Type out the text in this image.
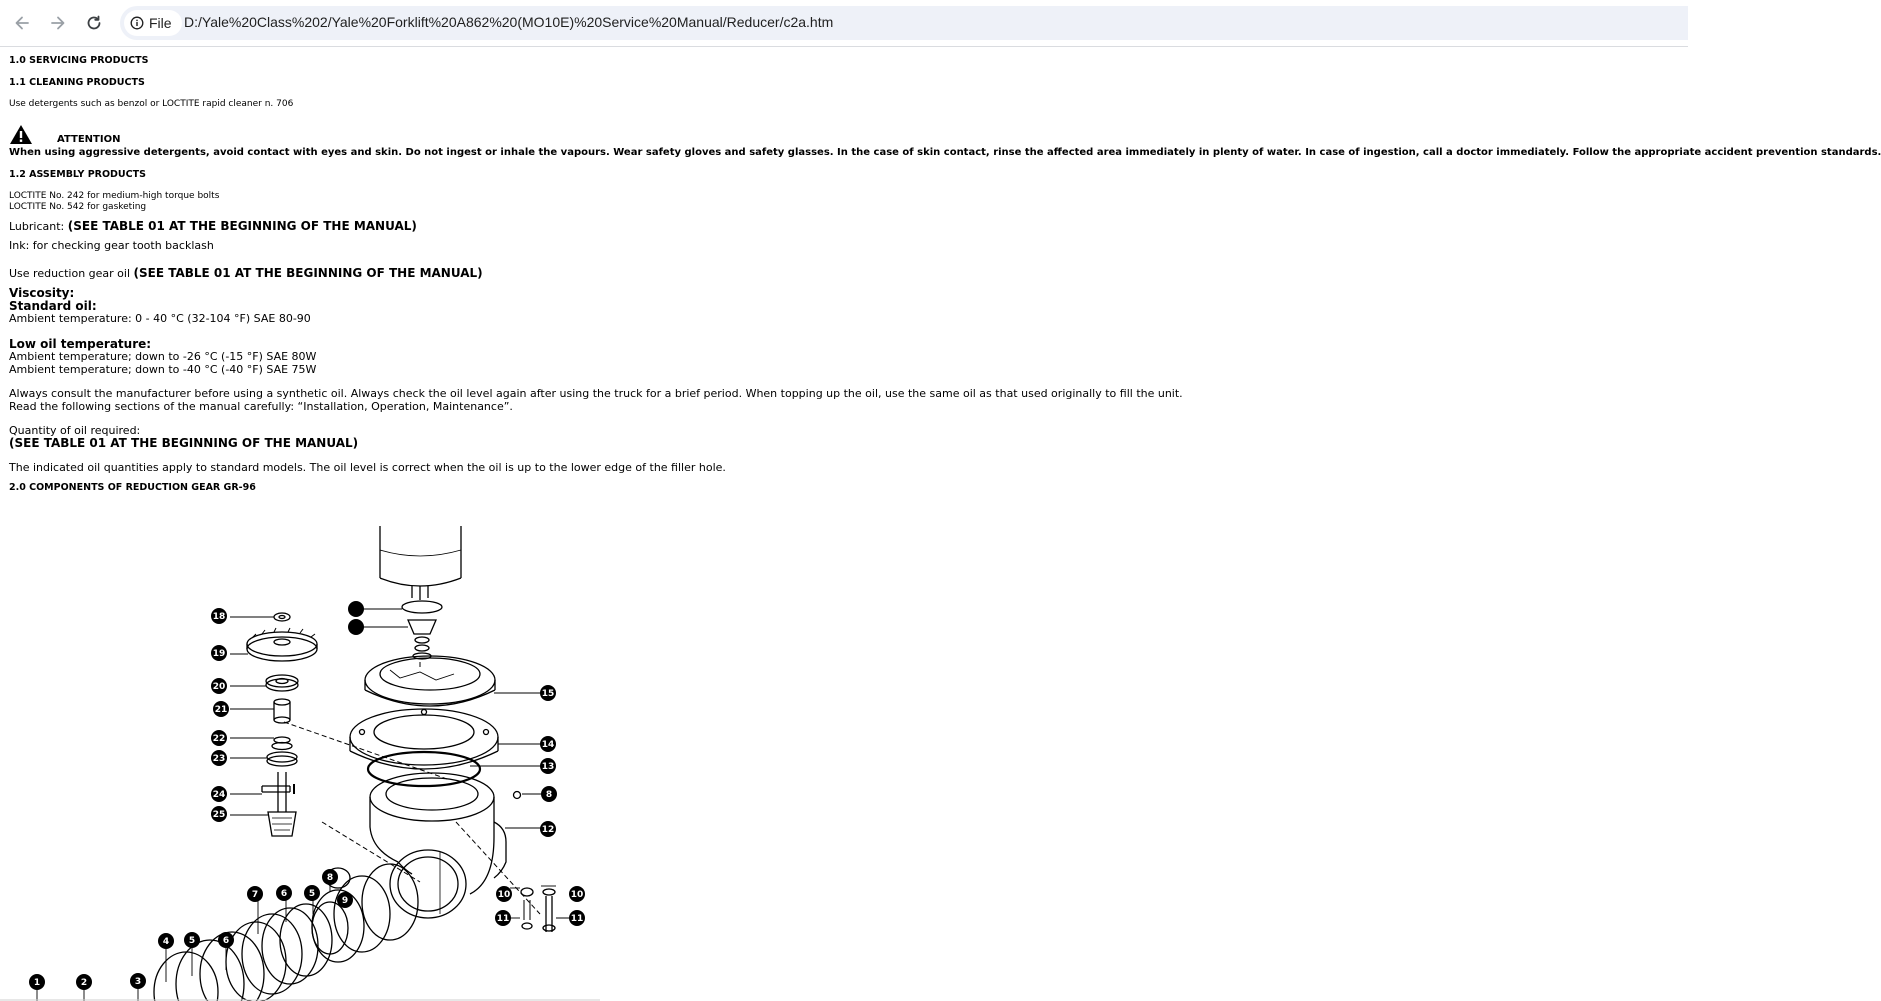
File D:/Yale%20Class%202/Yale%20Forklift%20A862%20(MO10E)%20Service%20Manual/Reducer/c2a.htm
1.0 SERVICING PRODUCTS
1.1 CLEANING PRODUCTS
Use detergents such as benzol or LOCTITE rapid cleaner n. 706
ATTENTION
When using aggressive detergents, avoid contact with eyes and skin. Do not ingest or inhale the vapours. Wear safety gloves and safety glasses. In the case of skin contact, rinse the affected area immediately in plenty of water. In case of ingestion, call a doctor immediately. Follow the appropriate accident prevention standards.
1.2 ASSEMBLY PRODUCTS
LOCTITE No. 242 for medium-high torque bolts
LOCTITE No. 542 for gasketing
Lubricant: (SEE TABLE 01 AT THE BEGINNING OF THE MANUAL)
Ink: for checking gear tooth backlash
Use reduction gear oil (SEE TABLE 01 AT THE BEGINNING OF THE MANUAL)
Viscosity:
Standard oil:
Ambient temperature: 0 - 40 °C (32-104 °F) SAE 80-90
Low oil temperature:
Ambient temperature; down to -26 °C (-15 °F) SAE 80W
Ambient temperature; down to -40 °C (-40 °F) SAE 75W
Always consult the manufacturer before using a synthetic oil. Always check the oil level again after using the truck for a brief period. When topping up the oil, use the same oil as that used originally to fill the unit.
Read the following sections of the manual carefully: “Installation, Operation, Maintenance”.
Quantity of oil required:
(SEE TABLE 01 AT THE BEGINNING OF THE MANUAL)
The indicated oil quantities apply to standard models. The oil level is correct when the oil is up to the lower edge of the filler hole.
2.0 COMPONENTS OF REDUCTION GEAR GR-96
1	2	3
4 5	6
7	6 5
8
9
10
11
10
11
8
12
13
14
15
18
19
20
21
22
23
24
25
